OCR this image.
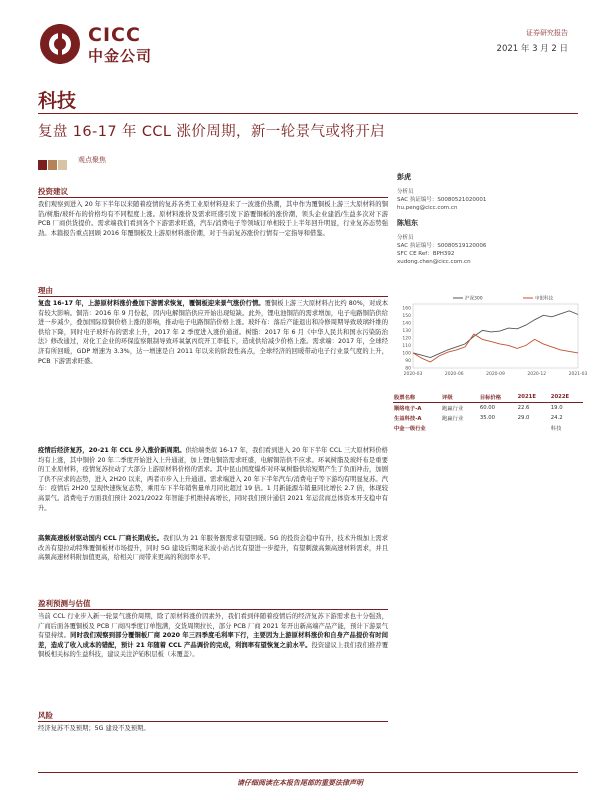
CICC
中金公司
证券研究报告
2021 年 3 月 2 日
科技
复盘 16-17 年 CCL 涨价周期，新一轮景气或将开启
观点聚焦
投资建议
我们观察到进入 20 年下半年以来随着疫情的复苏各类工业原材料迎来了一波涨价热潮，其中作为覆铜板上游三大原材料的铜箔/树脂/玻纤布的价格均有不同程度上涨。原材料涨价及需求旺盛引发下游覆铜板的涨价潮，领头企业建滔/生益多次对下游 PCB 厂商供货提价。需求端我们看到各个下游需求旺盛，汽车/消费电子等领域订单相较于上半年回升明显，行业复苏态势强劲。本篇报告重点回顾 2016 年覆铜板及上游原材料涨价潮，对于当前复苏涨价行情有一定指导和借鉴。
理由
复盘 16-17 年，上游原材料涨价叠加下游需求恢复，覆铜板迎来景气涨价行情。覆铜板上游三大原材料占比约 80%，对成本有较大影响。铜箔：2016 年 9 月份起，因内电解铜箔供应开始出现短缺。此外，锂电池铜箔的需求增加，电子电路铜箔供给进一步减少，叠加国际原铜价格上涨的影响，推动电子电路铜箔价格上涨。玻纤布：落后产能退出和冷修周期导致玻璃纤维的供给下降，同时电子玻纤布的需求上升，2017 年 2 季度进入涨价通道。树脂：2017 年 6 月《中华人民共和国水污染防治法》修改通过，对化工企业的环保监察限制导致环氧氯丙烷开工率低下，造成供给减少价格上涨。需求端：2017 年，全球经济有所回暖，GDP 增速为 3.3%，达一增速是自 2011 年以来的阶段性高点，全球经济的回暖带动电子行业景气度的上升，PCB 下游需求旺盛。
疫情后经济复苏，20-21 年 CCL 步入涨价新周期。供给端类似 16-17 年，我们看到进入 20 年下半年 CCL 三大原材料价格均有上涨，其中铜价 20 年二季度开始进入上升通道，加上锂电铜箔需求旺盛，电解铜箔供不应求。环氧树脂及玻纤布是重要的工业原材料，疫情复苏拉动了大部分上游原材料价格的需求。其中昆山国度爆炸对环氧树脂供给短期产生了负面冲击，加剧了供不应求的态势，进入 2H20 以来，两者市步入上升通道。需求端进入 20 年下半年汽车/消费电子等下游均有明显复苏。汽车：疫情后 2H20 呈现快速恢复态势，乘用车下半年销售量单月同比超过 19 倍。1 月新能源车销量同比增长 2.7 倍，体现较高景气。消费电子方面我们预计 2021/2022 年智能手机维持高增长，同时我们预计通信 2021 年运营商总体资本开支稳中有升。
高频高速板材驱动国内 CCL 厂商长期成长。我们认为 21 年服务器需求有望回暖。5G 的投资会稳中有升，技术升级加上需求改善有望拉动特殊覆铜板材市场提升，同时 5G 建设后期毫米波小站占比有望进一步提升，有望刺激高频高速材料需求，并且高频高速材料附加值更高，给相关厂商带来更高的利润率水平。
盈利预测与估值
当前 CCL 行业步入新一轮景气涨价周期，除了原材料涨价因素外，我们看到伴随着疫情后的经济复苏下游需求也十分强劲，广商后面各覆铜板及 PCB 厂商四季度订单饱满，交货周期拉长，部分 PCB 厂商 2021 年开出新高端产品产能，预计下游景气有望持续。同时我们观察到部分覆铜板厂商 2020 年三四季度毛利率下行，主要因为上游原材料涨价和自身产品提价有时间差，造成了收入成本的错配，预计 21 年随着 CCL 产品调价的完成，利润率有望恢复之前水平。投资建议上我们我们推荐覆铜板相关标的生益科技，建议关注沪铂积层板（未覆盖）。
风险
经济复苏不及预期；5G 建设不及预期。
彭虎
分析员
SAC 执证编号：S0080521020001
hu.peng@cicc.com.cn
陈旭东
分析员
SAC 执证编号：S0080519120006
SFC CE Ref：BPH392
xudong.chen@cicc.com.cn
160
150
140
130
120
110
100
90
80
2020-03	2020-06	2020-09	2020-12	2021-03
沪深300	申银科技
股票名称	评级	目标价格	2021E	2022E
顺络电子-A	跑赢行业	60.00	22.6	19.0
生益科技-A	跑赢行业	35.00	29.0	24.2
中金一级行业				科技
请仔细阅读在本报告尾部的重要法律声明
